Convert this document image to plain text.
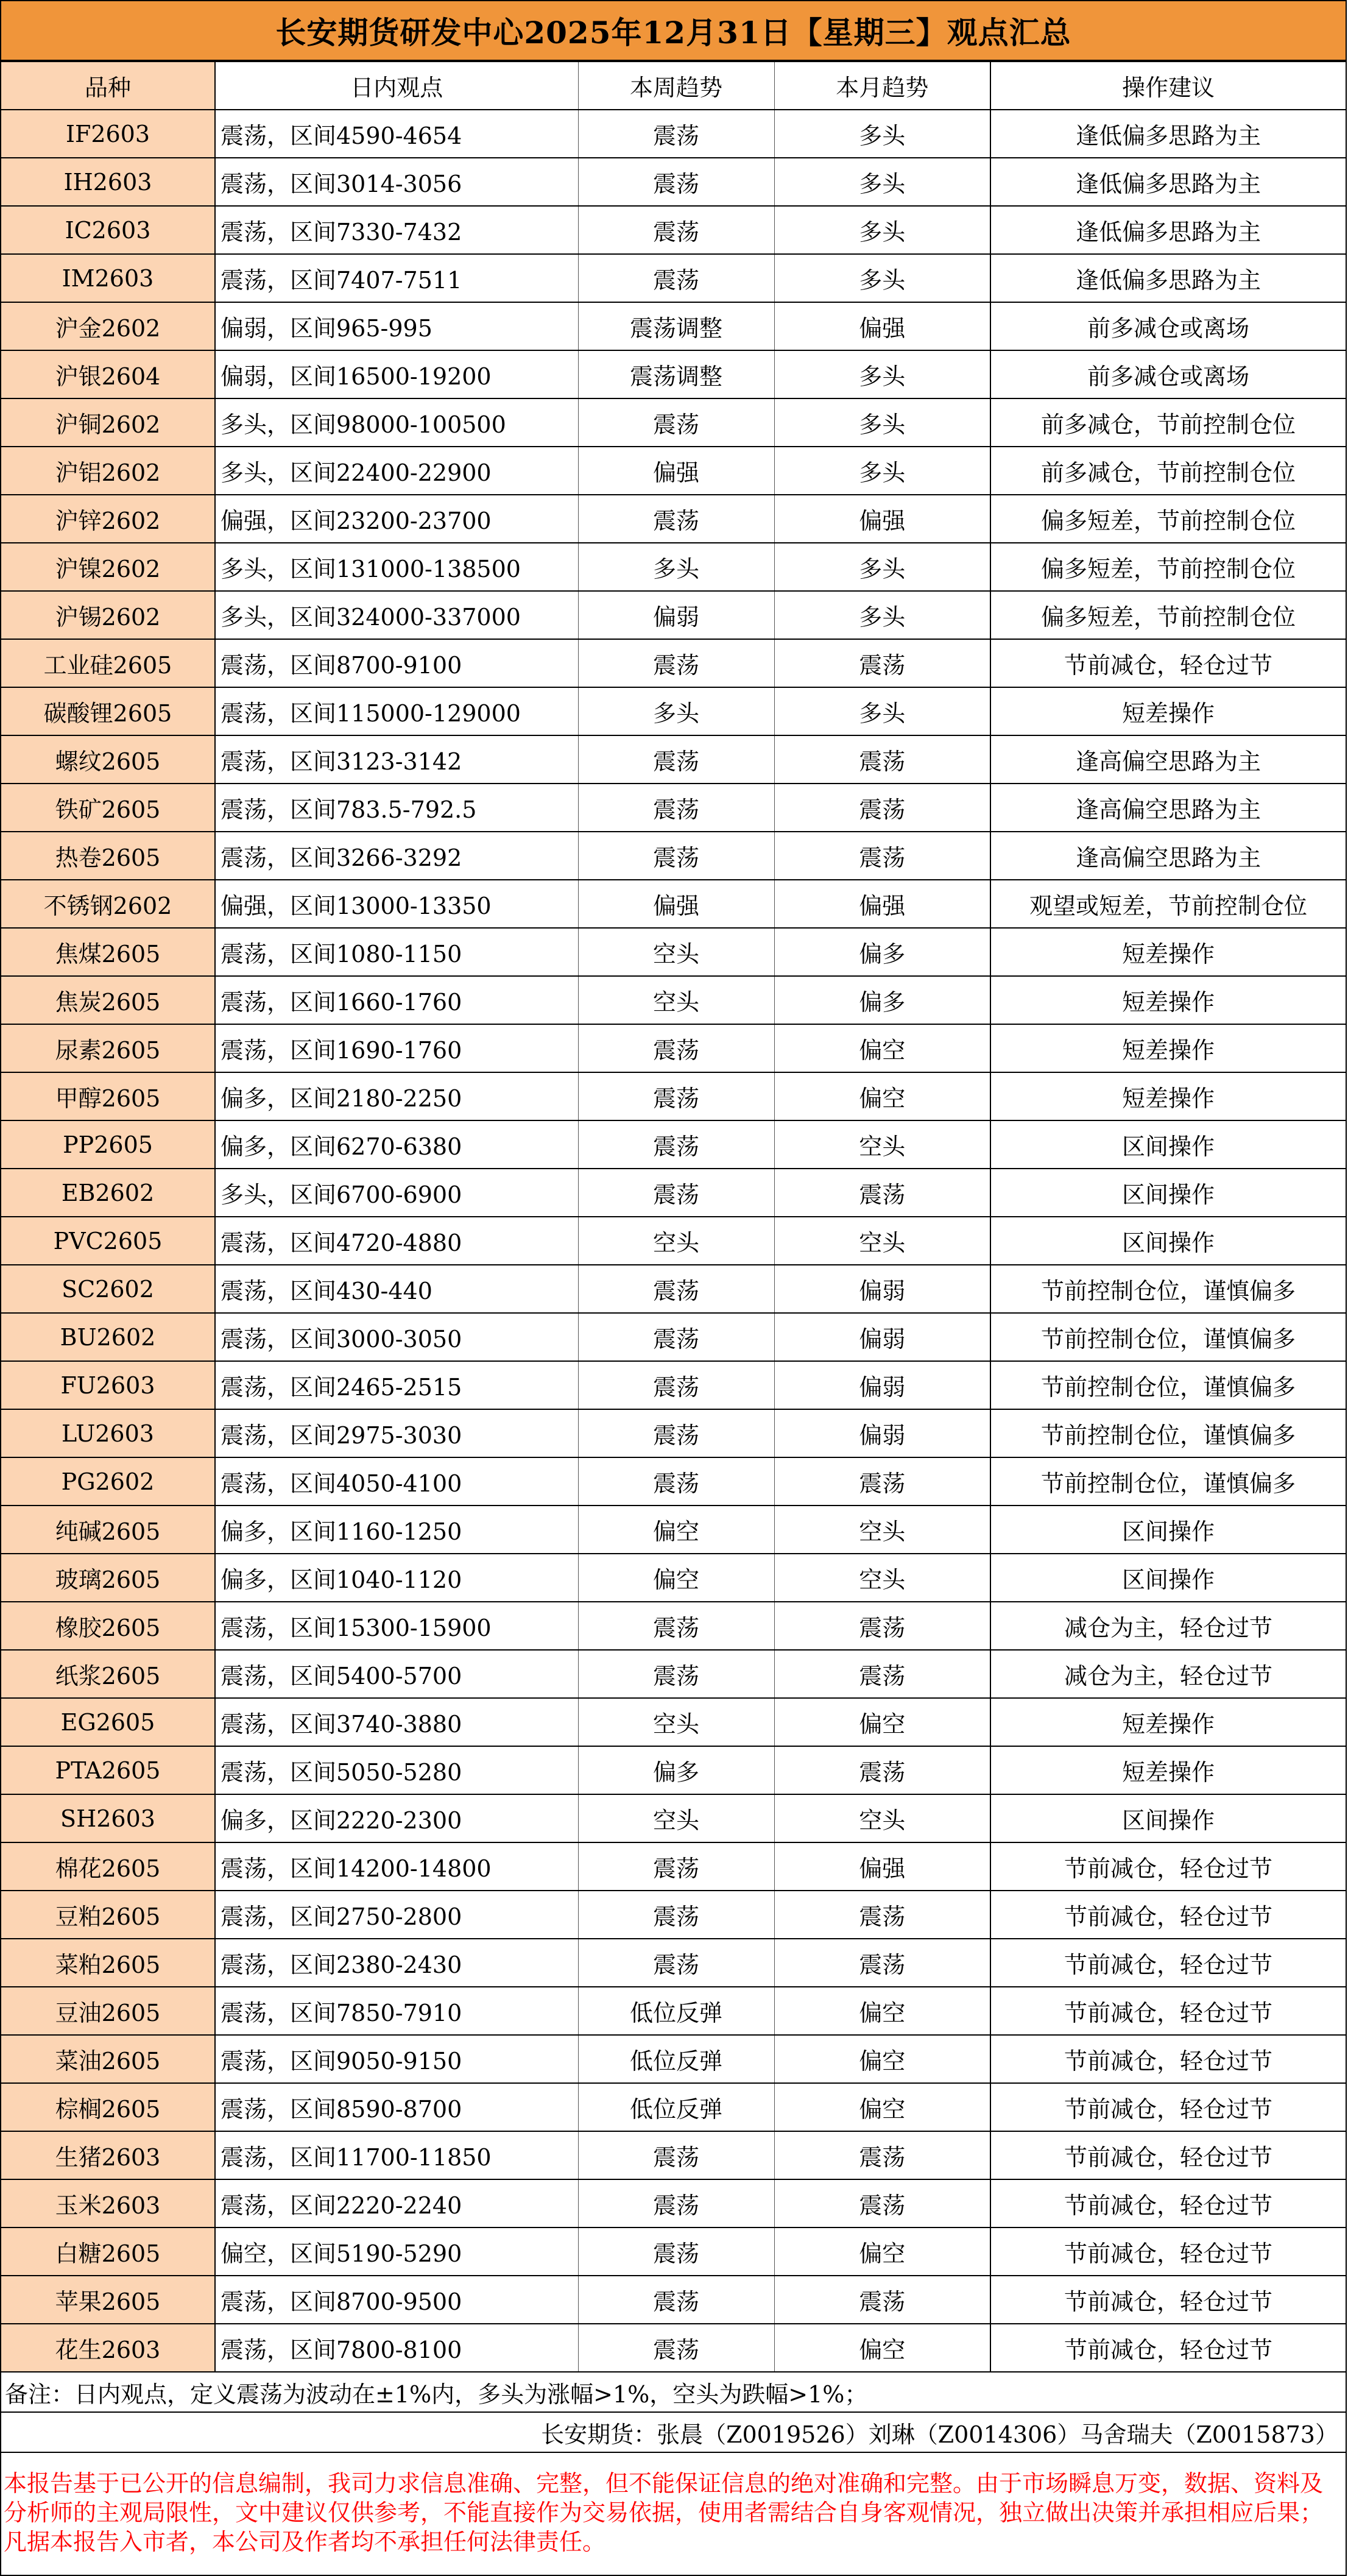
长安期货研发中心2025年12月31日【星期三】观点汇总
品种	日内观点	本周趋势	本月趋势	操作建议
IF2603	震荡，区间4590-4654	震荡	多头	逢低偏多思路为主
IH2603	震荡，区间3014-3056	震荡	多头	逢低偏多思路为主
IC2603	震荡，区间7330-7432	震荡	多头	逢低偏多思路为主
IM2603	震荡，区间7407-7511	震荡	多头	逢低偏多思路为主
沪金2602	偏弱，区间965-995	震荡调整	偏强	前多减仓或离场
沪银2604	偏弱，区间16500-19200	震荡调整	多头	前多减仓或离场
沪铜2602	多头，区间98000-100500	震荡	多头	前多减仓，节前控制仓位
沪铝2602	多头，区间22400-22900	偏强	多头	前多减仓，节前控制仓位
沪锌2602	偏强，区间23200-23700	震荡	偏强	偏多短差，节前控制仓位
沪镍2602	多头，区间131000-138500	多头	多头	偏多短差，节前控制仓位
沪锡2602	多头，区间324000-337000	偏弱	多头	偏多短差，节前控制仓位
工业硅2605	震荡，区间8700-9100	震荡	震荡	节前减仓，轻仓过节
碳酸锂2605	震荡，区间115000-129000	多头	多头	短差操作
螺纹2605	震荡，区间3123-3142	震荡	震荡	逢高偏空思路为主
铁矿2605	震荡，区间783.5-792.5	震荡	震荡	逢高偏空思路为主
热卷2605	震荡，区间3266-3292	震荡	震荡	逢高偏空思路为主
不锈钢2602	偏强，区间13000-13350	偏强	偏强	观望或短差，节前控制仓位
焦煤2605	震荡，区间1080-1150	空头	偏多	短差操作
焦炭2605	震荡，区间1660-1760	空头	偏多	短差操作
尿素2605	震荡，区间1690-1760	震荡	偏空	短差操作
甲醇2605	偏多，区间2180-2250	震荡	偏空	短差操作
PP2605	偏多，区间6270-6380	震荡	空头	区间操作
EB2602	多头，区间6700-6900	震荡	震荡	区间操作
PVC2605	震荡，区间4720-4880	空头	空头	区间操作
SC2602	震荡，区间430-440	震荡	偏弱	节前控制仓位，谨慎偏多
BU2602	震荡，区间3000-3050	震荡	偏弱	节前控制仓位，谨慎偏多
FU2603	震荡，区间2465-2515	震荡	偏弱	节前控制仓位，谨慎偏多
LU2603	震荡，区间2975-3030	震荡	偏弱	节前控制仓位，谨慎偏多
PG2602	震荡，区间4050-4100	震荡	震荡	节前控制仓位，谨慎偏多
纯碱2605	偏多，区间1160-1250	偏空	空头	区间操作
玻璃2605	偏多，区间1040-1120	偏空	空头	区间操作
橡胶2605	震荡，区间15300-15900	震荡	震荡	减仓为主，轻仓过节
纸浆2605	震荡，区间5400-5700	震荡	震荡	减仓为主，轻仓过节
EG2605	震荡，区间3740-3880	空头	偏空	短差操作
PTA2605	震荡，区间5050-5280	偏多	震荡	短差操作
SH2603	偏多，区间2220-2300	空头	空头	区间操作
棉花2605	震荡，区间14200-14800	震荡	偏强	节前减仓，轻仓过节
豆粕2605	震荡，区间2750-2800	震荡	震荡	节前减仓，轻仓过节
菜粕2605	震荡，区间2380-2430	震荡	震荡	节前减仓，轻仓过节
豆油2605	震荡，区间7850-7910	低位反弹	偏空	节前减仓，轻仓过节
菜油2605	震荡，区间9050-9150	低位反弹	偏空	节前减仓，轻仓过节
棕榈2605	震荡，区间8590-8700	低位反弹	偏空	节前减仓，轻仓过节
生猪2603	震荡，区间11700-11850	震荡	震荡	节前减仓，轻仓过节
玉米2603	震荡，区间2220-2240	震荡	震荡	节前减仓，轻仓过节
白糖2605	偏空，区间5190-5290	震荡	偏空	节前减仓，轻仓过节
苹果2605	震荡，区间8700-9500	震荡	震荡	节前减仓，轻仓过节
花生2603	震荡，区间7800-8100	震荡	偏空	节前减仓，轻仓过节
备注：日内观点，定义震荡为波动在±1%内，多头为涨幅>1%，空头为跌幅>1%；
长安期货：张晨（Z0019526）刘琳（Z0014306）马舍瑞夫（Z0015873）
本报告基于已公开的信息编制，我司力求信息准确、完整，但不能保证信息的绝对准确和完整。由于市场瞬息万变，数据、资料及分析师的主观局限性，文中建议仅供参考，不能直接作为交易依据，使用者需结合自身客观情况，独立做出决策并承担相应后果；凡据本报告入市者，本公司及作者均不承担任何法律责任。
